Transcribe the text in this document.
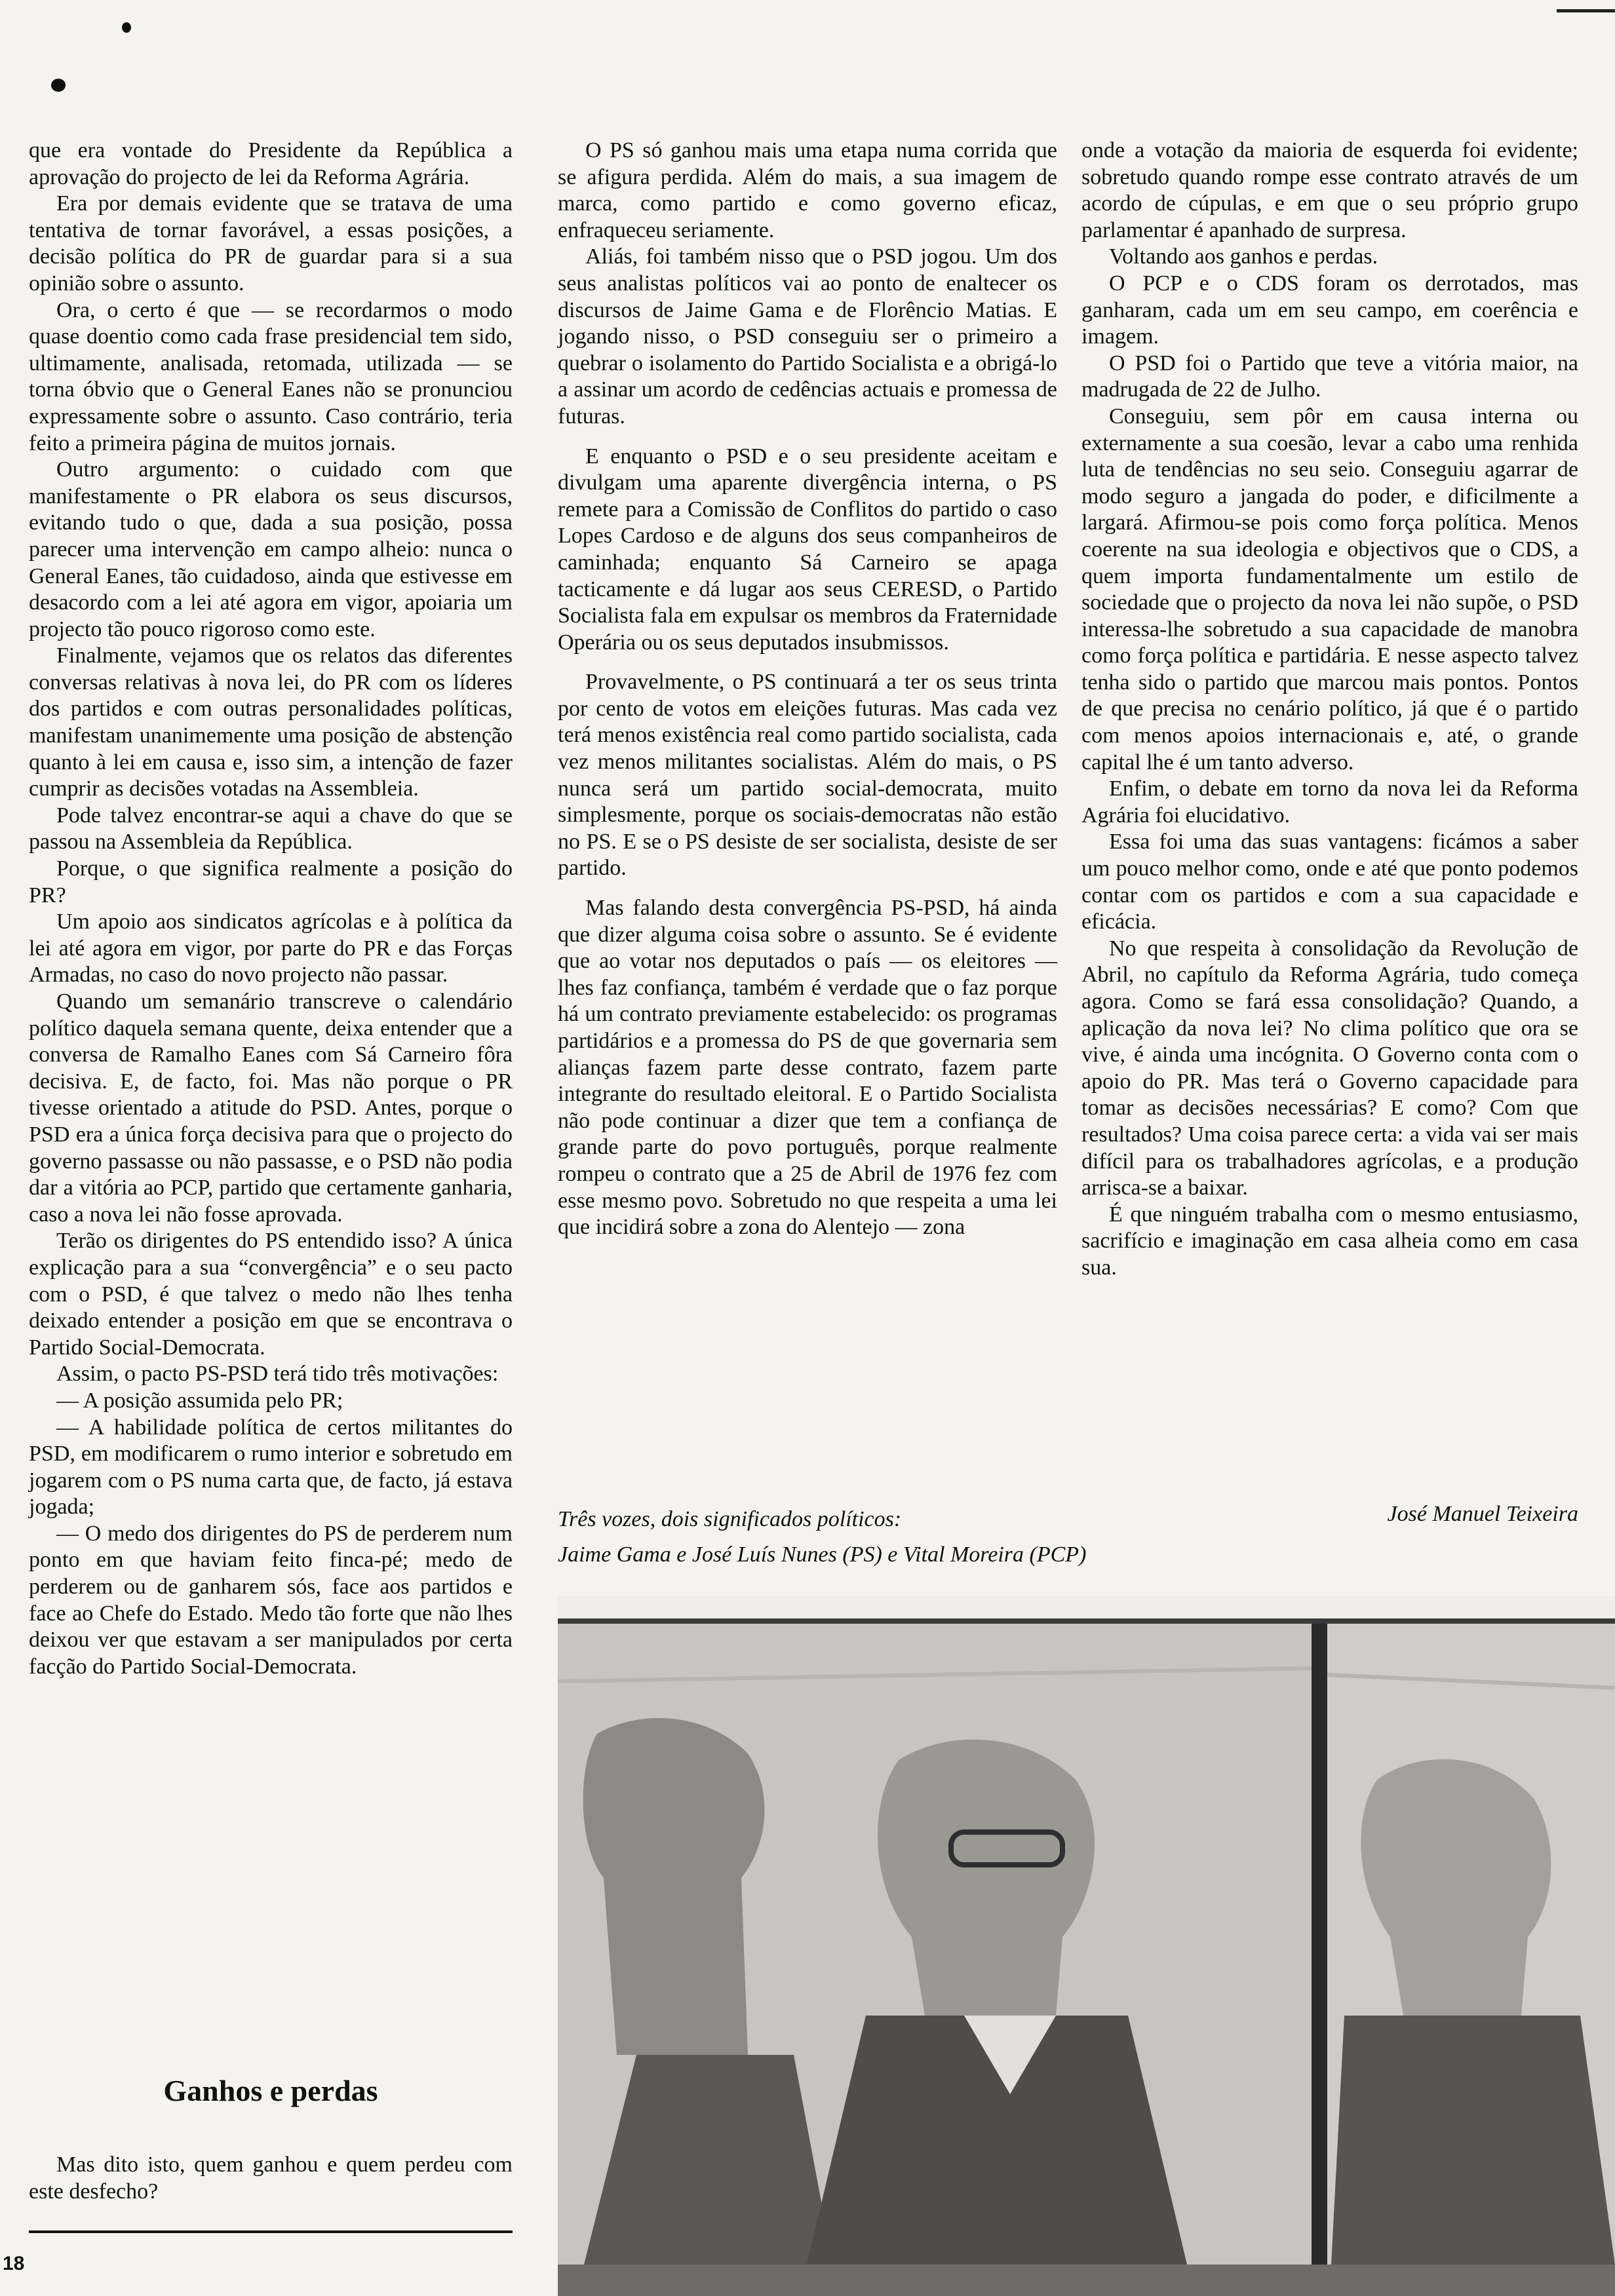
que era vontade do Presidente da República a aprovação do projecto de lei da Reforma Agrária.

Era por demais evidente que se tratava de uma tentativa de tornar favorável, a essas posições, a decisão política do PR de guardar para si a sua opinião sobre o assunto.

Ora, o certo é que — se recordarmos o modo quase doentio como cada frase presidencial tem sido, ultimamente, analisada, retomada, utilizada — se torna óbvio que o General Eanes não se pronunciou expressamente sobre o assunto. Caso contrário, teria feito a primeira página de muitos jornais.

Outro argumento: o cuidado com que manifestamente o PR elabora os seus discursos, evitando tudo o que, dada a sua posição, possa parecer uma intervenção em campo alheio: nunca o General Eanes, tão cuidadoso, ainda que estivesse em desacordo com a lei até agora em vigor, apoiaria um projecto tão pouco rigoroso como este.

Finalmente, vejamos que os relatos das diferentes conversas relativas à nova lei, do PR com os líderes dos partidos e com outras personalidades políticas, manifestam unanimemente uma posição de abstenção quanto à lei em causa e, isso sim, a intenção de fazer cumprir as decisões votadas na Assembleia.

Pode talvez encontrar-se aqui a chave do que se passou na Assembleia da República.

Porque, o que significa realmente a posição do PR?

Um apoio aos sindicatos agrícolas e à política da lei até agora em vigor, por parte do PR e das Forças Armadas, no caso do novo projecto não passar.

Quando um semanário transcreve o calendário político daquela semana quente, deixa entender que a conversa de Ramalho Eanes com Sá Carneiro fôra decisiva. E, de facto, foi. Mas não porque o PR tivesse orientado a atitude do PSD. Antes, porque o PSD era a única força decisiva para que o projecto do governo passasse ou não passasse, e o PSD não podia dar a vitória ao PCP, partido que certamente ganharia, caso a nova lei não fosse aprovada.

Terão os dirigentes do PS entendido isso? A única explicação para a sua “convergência” e o seu pacto com o PSD, é que talvez o medo não lhes tenha deixado entender a posição em que se encontrava o Partido Social-Democrata.

Assim, o pacto PS-PSD terá tido três motivações:

— A posição assumida pelo PR;

— A habilidade política de certos militantes do PSD, em modificarem o rumo interior e sobretudo em jogarem com o PS numa carta que, de facto, já estava jogada;

— O medo dos dirigentes do PS de perderem num ponto em que haviam feito finca-pé; medo de perderem ou de ganharem sós, face aos partidos e face ao Chefe do Estado. Medo tão forte que não lhes deixou ver que estavam a ser manipulados por certa facção do Partido Social-Democrata.

Ganhos e perdas

Mas dito isto, quem ganhou e quem perdeu com este desfecho?

18

O PS só ganhou mais uma etapa numa corrida que se afigura perdida. Além do mais, a sua imagem de marca, como partido e como governo eficaz, enfraqueceu seriamente.

Aliás, foi também nisso que o PSD jogou. Um dos seus analistas políticos vai ao ponto de enaltecer os discursos de Jaime Gama e de Florêncio Matias. E jogando nisso, o PSD conseguiu ser o primeiro a quebrar o isolamento do Partido Socialista e a obrigá-lo a assinar um acordo de cedências actuais e promessa de futuras.

E enquanto o PSD e o seu presidente aceitam e divulgam uma aparente divergência interna, o PS remete para a Comissão de Conflitos do partido o caso Lopes Cardoso e de alguns dos seus companheiros de caminhada; enquanto Sá Carneiro se apaga tacticamente e dá lugar aos seus CERESD, o Partido Socialista fala em expulsar os membros da Fraternidade Operária ou os seus deputados insubmissos.

Provavelmente, o PS continuará a ter os seus trinta por cento de votos em eleições futuras. Mas cada vez terá menos existência real como partido socialista, cada vez menos militantes socialistas. Além do mais, o PS nunca será um partido social-democrata, muito simplesmente, porque os sociais-democratas não estão no PS. E se o PS desiste de ser socialista, desiste de ser partido.

Mas falando desta convergência PS-PSD, há ainda que dizer alguma coisa sobre o assunto. Se é evidente que ao votar nos deputados o país — os eleitores — lhes faz confiança, também é verdade que o faz porque há um contrato previamente estabelecido: os programas partidários e a promessa do PS de que governaria sem alianças fazem parte desse contrato, fazem parte integrante do resultado eleitoral. E o Partido Socialista não pode continuar a dizer que tem a confiança de grande parte do povo português, porque realmente rompeu o contrato que a 25 de Abril de 1976 fez com esse mesmo povo. Sobretudo no que respeita a uma lei que incidirá sobre a zona do Alentejo — zona

onde a votação da maioria de esquerda foi evidente; sobretudo quando rompe esse contrato através de um acordo de cúpulas, e em que o seu próprio grupo parlamentar é apanhado de surpresa.

Voltando aos ganhos e perdas.

O PCP e o CDS foram os derrotados, mas ganharam, cada um em seu campo, em coerência e imagem.

O PSD foi o Partido que teve a vitória maior, na madrugada de 22 de Julho.

Conseguiu, sem pôr em causa interna ou externamente a sua coesão, levar a cabo uma renhida luta de tendências no seu seio. Conseguiu agarrar de modo seguro a jangada do poder, e dificilmente a largará. Afirmou-se pois como força política. Menos coerente na sua ideologia e objectivos que o CDS, a quem importa fundamentalmente um estilo de sociedade que o projecto da nova lei não supõe, o PSD interessa-lhe sobretudo a sua capacidade de manobra como força política e partidária. E nesse aspecto talvez tenha sido o partido que marcou mais pontos. Pontos de que precisa no cenário político, já que é o partido com menos apoios internacionais e, até, o grande capital lhe é um tanto adverso.

Enfim, o debate em torno da nova lei da Reforma Agrária foi elucidativo.

Essa foi uma das suas vantagens: ficámos a saber um pouco melhor como, onde e até que ponto podemos contar com os partidos e com a sua capacidade e eficácia.

No que respeita à consolidação da Revolução de Abril, no capítulo da Reforma Agrária, tudo começa agora. Como se fará essa consolidação? Quando, a aplicação da nova lei? No clima político que ora se vive, é ainda uma incógnita. O Governo conta com o apoio do PR. Mas terá o Governo capacidade para tomar as decisões necessárias? E como? Com que resultados? Uma coisa parece certa: a vida vai ser mais difícil para os trabalhadores agrícolas, e a produção arrisca-se a baixar.

É que ninguém trabalha com o mesmo entusiasmo, sacrifício e imaginação em casa alheia como em casa sua.

Três vozes, dois significados políticos:
Jaime Gama e José Luís Nunes (PS) e Vital Moreira (PCP)
José Manuel Teixeira
